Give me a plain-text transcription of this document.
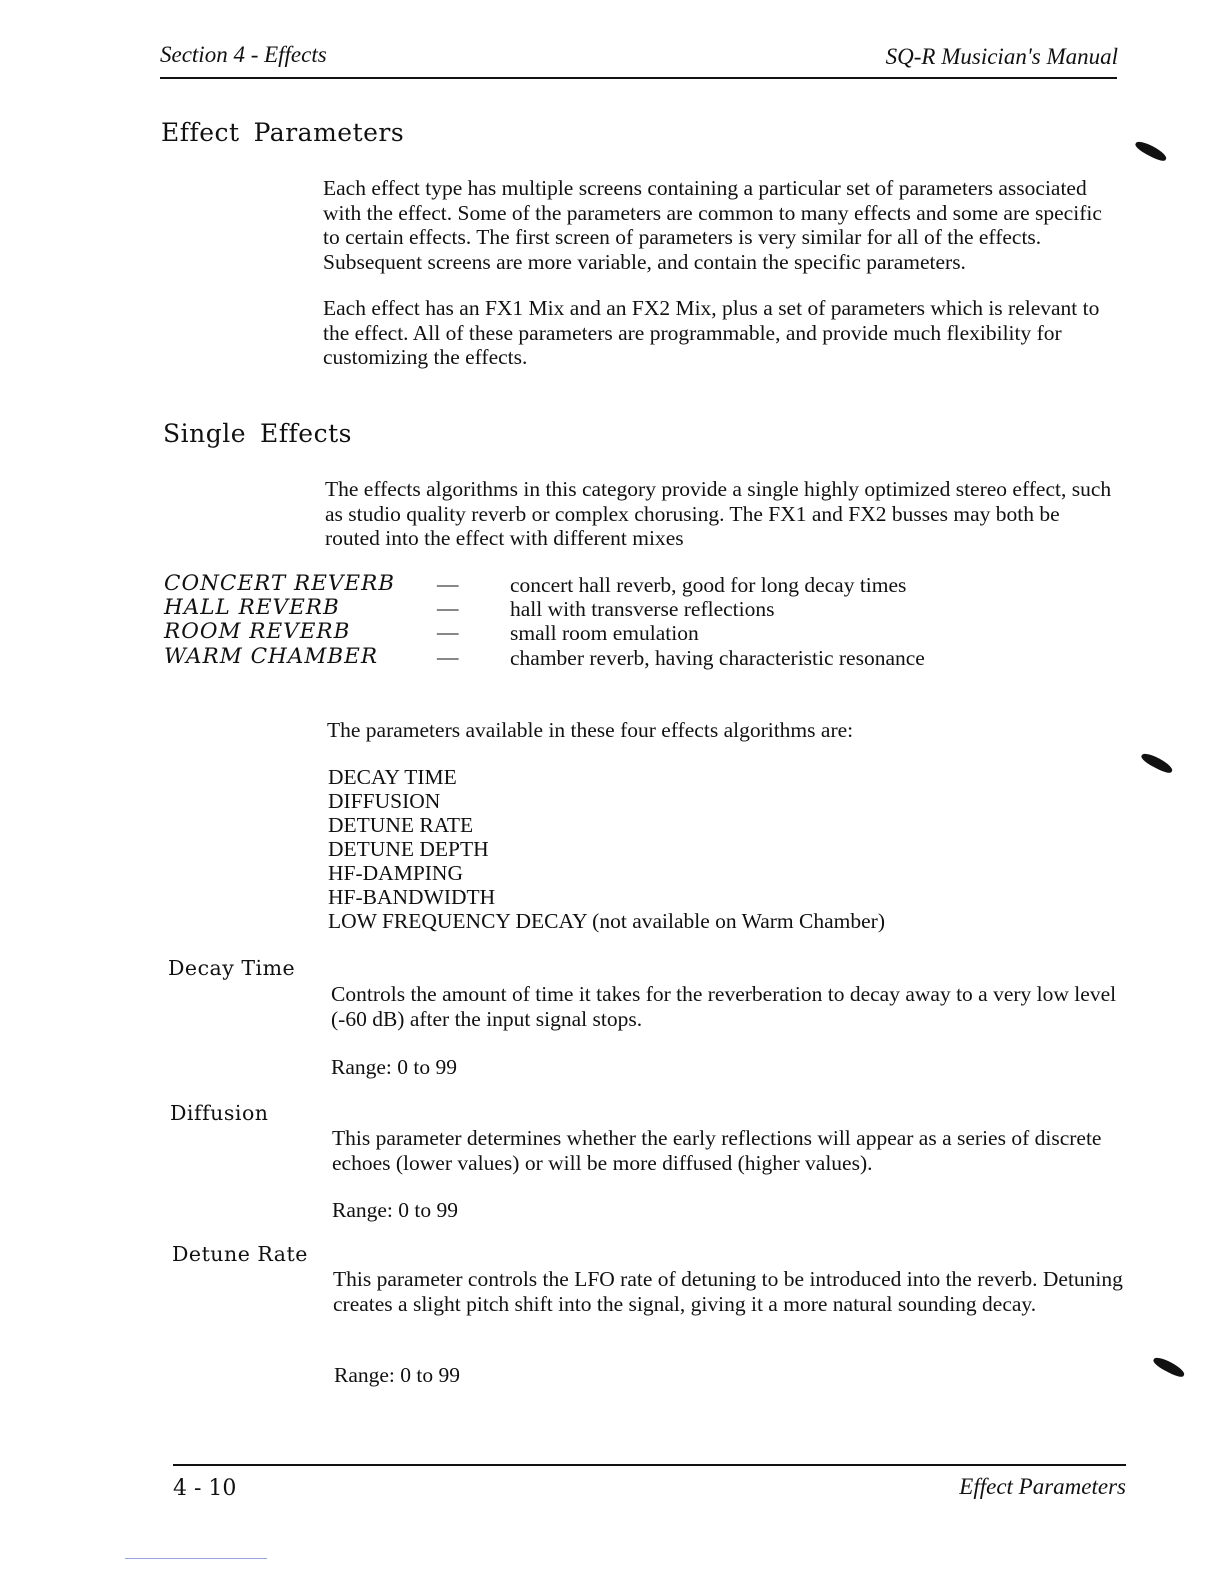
Section 4 - Effects	SQ-R Musician's Manual
Effect Parameters

Each effect type has multiple screens containing a particular set of parameters associated with the effect. Some of the parameters are common to many effects and some are specific to certain effects. The first screen of parameters is very similar for all of the effects. Subsequent screens are more variable, and contain the specific parameters.

Each effect has an FX1 Mix and an FX2 Mix, plus a set of parameters which is relevant to the effect. All of these parameters are programmable, and provide much flexibility for customizing the effects.

Single Effects
The effects algorithms in this category provide a single highly optimized stereo effect, such as studio quality reverb or complex chorusing. The FX1 and FX2 busses may both be routed into the effect with different mixes
CONCERT REVERB — concert hall reverb, good for long decay times
HALL REVERB	— hall with transverse reflections
ROOM REVERB	— small room emulation
WARM CHAMBER	— chamber reverb, having characteristic resonance
The parameters available in these four effects algorithms are:
DECAY TIME
DIFFUSION
DETUNE RATE
DETUNE DEPTH
HF-DAMPING
HF-BANDWIDTH
LOW FREQUENCY DECAY (not available on Warm Chamber)
Decay Time
Controls the amount of time it takes for the reverberation to decay away to a very low level (-60 dB) after the input signal stops.
Range: 0 to 99
Diffusion
This parameter determines whether the early reflections will appear as a series of discrete echoes (lower values) or will be more diffused (higher values).
Range: 0 to 99
Detune Rate
This parameter controls the LFO rate of detuning to be introduced into the reverb. Detuning creates a slight pitch shift into the signal, giving it a more natural sounding decay.
Range: 0 to 99
4 - 10	Effect Parameters
